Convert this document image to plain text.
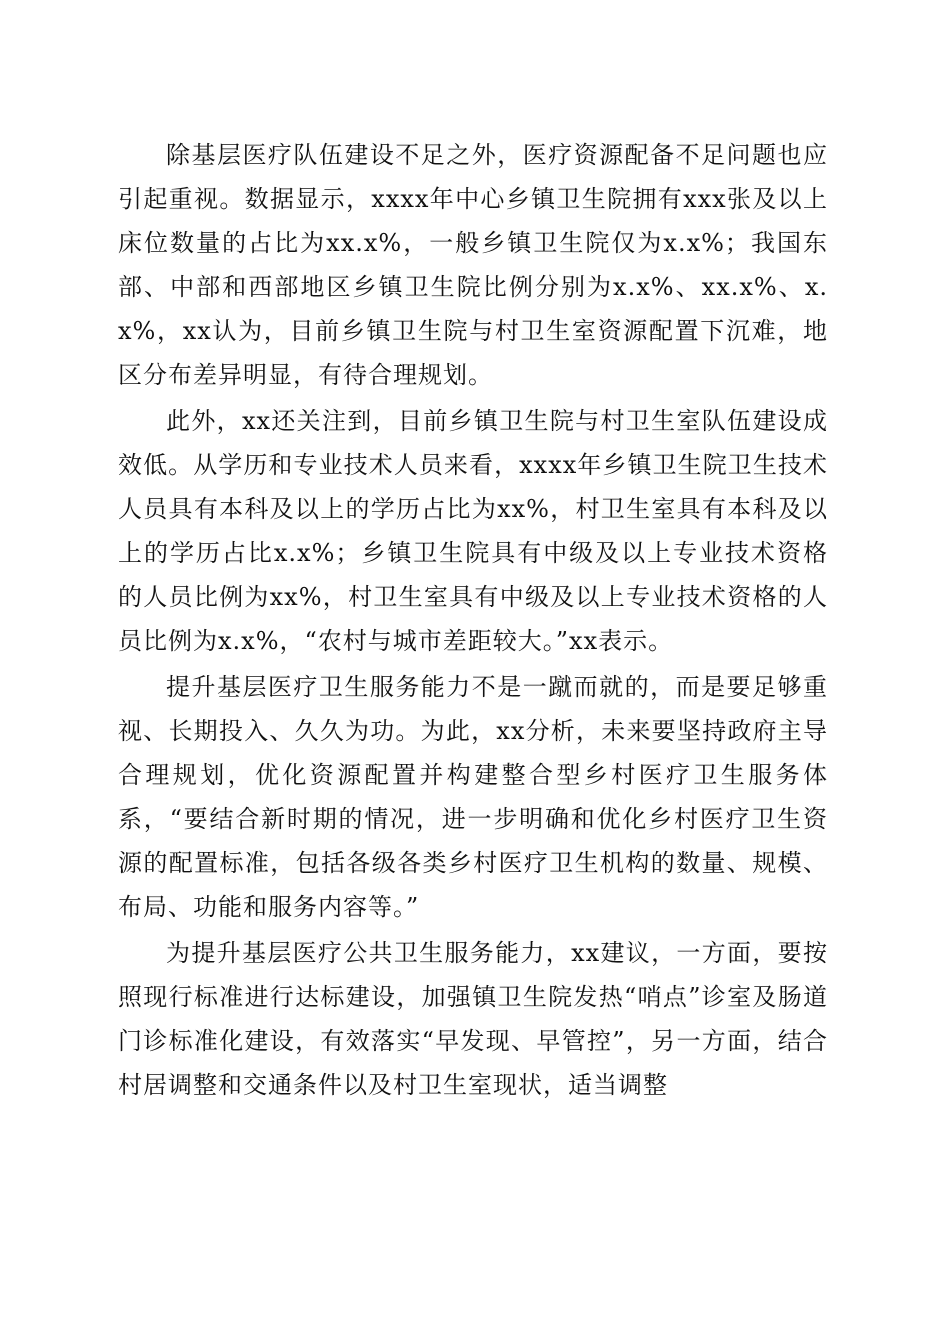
除基层医疗队伍建设不足之外，医疗资源配备不足问题也应引起重视。数据显示，xxxx年中心乡镇卫生院拥有xxx张及以上床位数量的占比为xx.x%，一般乡镇卫生院仅为x.x%；我国东部、中部和西部地区乡镇卫生院比例分别为x.x%、xx.x%、x.x%，xx认为，目前乡镇卫生院与村卫生室资源配置下沉难，地区分布差异明显，有待合理规划。

此外，xx还关注到，目前乡镇卫生院与村卫生室队伍建设成效低。从学历和专业技术人员来看，xxxx年乡镇卫生院卫生技术人员具有本科及以上的学历占比为xx%，村卫生室具有本科及以上的学历占比x.x%；乡镇卫生院具有中级及以上专业技术资格的人员比例为xx%，村卫生室具有中级及以上专业技术资格的人员比例为x.x%，“农村与城市差距较大。”xx表示。

提升基层医疗卫生服务能力不是一蹴而就的，而是要足够重视、长期投入、久久为功。为此，xx分析，未来要坚持政府主导合理规划，优化资源配置并构建整合型乡村医疗卫生服务体系，“要结合新时期的情况，进一步明确和优化乡村医疗卫生资源的配置标准，包括各级各类乡村医疗卫生机构的数量、规模、布局、功能和服务内容等。”

为提升基层医疗公共卫生服务能力，xx建议，一方面，要按照现行标准进行达标建设，加强镇卫生院发热“哨点”诊室及肠道门诊标准化建设，有效落实“早发现、早管控”，另一方面，结合村居调整和交通条件以及村卫生室现状，适当调整
